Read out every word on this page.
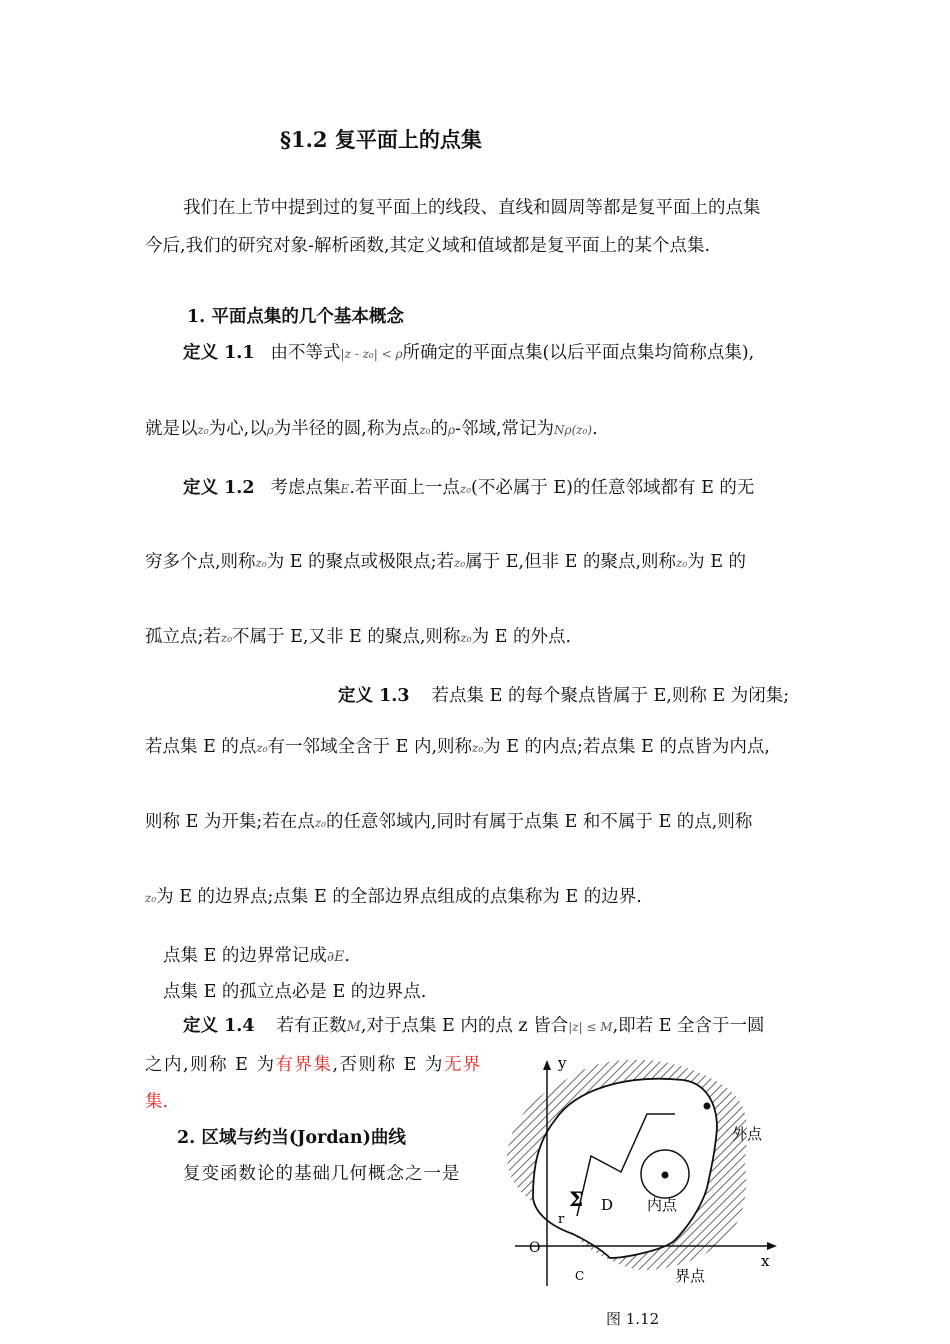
§1.2 复平面上的点集
我们在上节中提到过的复平面上的线段、直线和圆周等都是复平面上的点集
今后,我们的研究对象-解析函数,其定义域和值域都是复平面上的某个点集.
1. 平面点集的几个基本概念
定义 1.1 由不等式|z - z₀| < ρ所确定的平面点集(以后平面点集均简称点集),
就是以z₀为心,以ρ为半径的圆,称为点z₀的ρ-邻域,常记为Nρ(z₀).
定义 1.2 考虑点集E.若平面上一点z₀(不必属于 E)的任意邻域都有 E 的无
穷多个点,则称z₀为 E 的聚点或极限点;若z₀属于 E,但非 E 的聚点,则称z₀为 E 的
孤立点;若z₀不属于 E,又非 E 的聚点,则称z₀为 E 的外点.
定义 1.3 若点集 E 的每个聚点皆属于 E,则称 E 为闭集;
若点集 E 的点z₀有一邻域全含于 E 内,则称z₀为 E 的内点;若点集 E 的点皆为内点,
则称 E 为开集;若在点z₀的任意邻域内,同时有属于点集 E 和不属于 E 的点,则称
z₀为 E 的边界点;点集 E 的全部边界点组成的点集称为 E 的边界.
点集 E 的边界常记成∂E.
点集 E 的孤立点必是 E 的边界点.
定义 1.4 若有正数M,对于点集 E 内的点 z 皆合|z| ≤ M,即若 E 全含于一圆
之内,则称 E 为有界集,否则称 E 为无界
集.
2. 区域与约当(Jordan)曲线
复变函数论的基础几何概念之一是
y
x
O
外点
内点
界点
D
Σ
r
C
图 1.12
